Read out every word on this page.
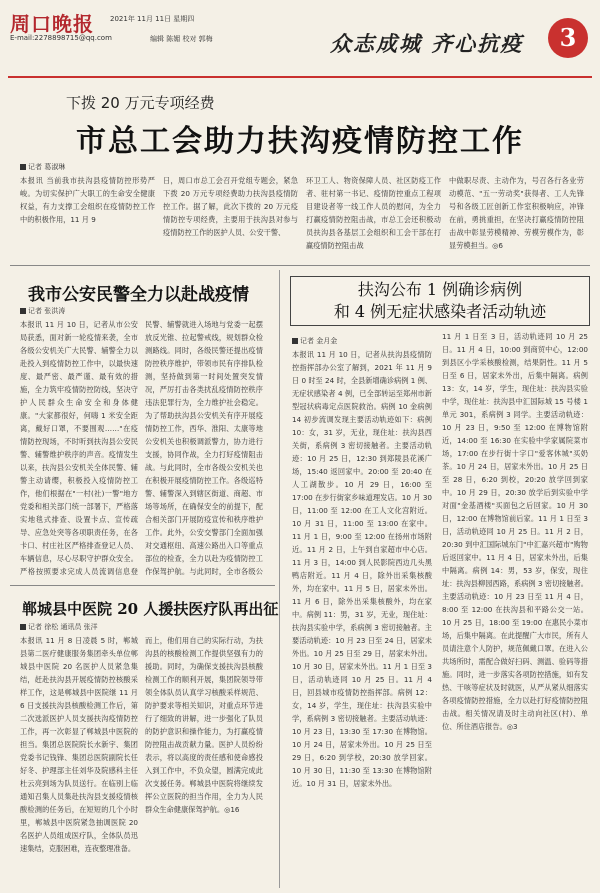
周口晚报 2021年 11月 11日 星期四
E-mail:2278898715@qq.com	编辑 陈媚 校对 郭梅	众志成城 齐心抗疫	3
下拨 20 万元专项经费
市总工会助力扶沟疫情防控工作
记者 葛淑琳
本报讯 当前我市扶沟县疫情防控形势严峻。为切实保护广大职工的生命安全健康权益，有力支撑工会组织在疫情防控工作中的积极作用，11 月 9
日，周口市总工会召开党组专题会，紧急下拨 20 万元专项经费助力扶沟县疫情防控工作。据了解，此次下拨的 20 万元疫情防控专项经费，主要用于扶沟县对参与疫情防控工作的医护人员、公安干警、
环卫工人、物资保障人员、社区防疫工作者、驻村第一书记、疫情防控重点工程项目建设者等一线工作人员的慰问，为全力打赢疫情防控阻击战，市总工会还积极动员扶沟县各基层工会组织和工会干部在打赢疫情防控阻击战
中做职尽责、主动作为，号召各行各业劳动模范、"五一劳动奖"获得者、工人先锋号和各级工匠创新工作室积极响应，冲锋在前，勇挑重担，在坚决打赢疫情防控阻击战中彰显劳模精神、劳模劳模作为，彰显劳模担当。◎6
我市公安民警全力以赴战疫情
记者 张洪涛
本报讯 11 月 10 日，记者从市公安局获悉，面对新一轮疫情来袭，全市各级公安机关广大民警、辅警全力以赴投入到疫情防控工作中，以最快速度、最严密、最严谨、最有效的措施，全力筑牢疫情防控防线，坚决守护人民群众生命安全和身体健康。"大家都很好，何嗨 1 米安全距离，戴好口罩，不要围观……"在疫情防控现场，不时听到扶沟县公安民警、辅警维护秩序的声音。疫情发生以来，扶沟县公安机关全体民警、辅警主动请缨，积极投入疫情防控工作，他们根据在"一村(社)一警"地方党委和相关部门统一部署下，严格落实地毯式排查、设置卡点、宣传疏导、应急处突等各项职责任务，在各卡口、村庄社区严格排查登记人员、车辆信息，尽心尽职守护群众安全。严格按照要求完成人员流调信息登
民警、辅警就进入场地与党委一起摆放反光锥、拉起警戒线，规划群众检测路线。同时，各级民警还提出疫情防控秩序维护，带领市民有序排队检测，坚持做到第一时间处置突发情况，严厉打击各类扰乱疫情防控秩序违法犯罪行为，全力维护社会稳定。为了帮助扶沟县公安机关有序开展疫情防控工作，西华、淮阳、太康等地公安机关也积极调派警力，协力进行支援，协同作战，全力打好疫情阻击战。与此同时，全市各级公安机关也在积极开展疫情防控工作。各级巡特警、辅警深入到辖区街道、商超、市场等场所，在确保安全的前提下，配合相关部门开展防疫宣传和秩序维护工作。此外，公安交警部门全面加强对交通枢纽、高速公路出入口等重点部位的检查，全力以赴为疫情防控工作保驾护航。与此同时，全市各级公
郸城县中医院 20 人援扶医疗队再出征
记者 徐松 通讯员 张洋
本报讯 11 月 8 日凌晨 5 时，郸城县第二医疗健康服务集团牵头单位郸城县中医院 20 名医护人员紧急集结，赶赴扶沟县开展疫情防控核酸采样工作，这是郸城县中医院继 11 月 6 日支援扶沟县核酸检测工作后，第二次选派医护人员支援扶沟疫情防控工作，再一次彰显了郸城县中医院的担当。集团总医院院长水新宇、集团党委书记钱锋、集团总医院副院长任好冬、护理部主任刘华及院感科主任杜云亮到场为队员送行。在临别上临通知召集人员集赴扶沟县支援疫情核酸检测的任务后，在短短的几个小时里，郸城县中医院紧急抽调医院 20 名医护人员组成医疗队，全体队员迅速集结，克服困难，连夜整理准备。
而上，他们用自己的实际行动，为扶沟县的核酸检测工作提供坚强有力的援助。同时，为确保支援扶沟县核酸检测工作的顺利开展，集团院领导带领全体队员认真学习核酸采样规范、防护要求等相关知识，对重点环节进行了细致的讲解，进一步强化了队员的防护意识和操作能力，为打赢疫情防控阻击战贡献力量。医护人员纷纷表示，将以高度的责任感和使命感投入到工作中，不负众望，圆满完成此次支援任务。郸城县中医院将继续发挥公立医院的担当作用，全力为人民群众生命健康保驾护航。◎16
扶沟公布 1 例确诊病例
和 4 例无症状感染者活动轨迹
记者 金月金
本报讯 11 月 10 日，记者从扶沟县疫情防控指挥部办公室了解到，2021 年 11 月 9 日 0 时至 24 时，全县新增确诊病例 1 例、无症状感染者 4 例，已全部转运至郑州市新型冠状病毒定点医院救治。病例 10 金病例 14 初步流调发现主要活动轨迹如下：病例 10：女，31 岁，无业，现住址：扶沟县西关街，系病例 3 密切接触者。主要活动轨迹：10 月 25 日，12:30 到郑陵县花溪广场，15:40 返回家中。20:00 至 20:40 在人工湖散步。10 月 29 日，16:00 至 17:00 在步行街家乡味道理发店。10 月 30 日，11:00 至 12:00 在工人文化宫附近。10 月 31 日，11:00 至 13:00 在家中。11 月 1 日，9:00 至 12:00 在扬州市场附近。11 月 2 日，上午到自家超市中心店。11 月 3 日，14:00 到人民影院西边几头黑鸭店附近。11 月 4 日，除外出采集核酸外，均在家中。11 月 5 日，居家未外出。11 月 6 日，除外出采集核酸外，均在家中。病例 11：男，31 岁，无业，现住址：扶沟县实验中学，系病例 3 密切接触者。主要活动轨迹：10 月 23 日至 24 日，居家未外出。10 月 25 日至 29 日，居家未外出。10 月 30 日，居家未外出。11 月 1 日至 3 日，活动轨迹同 10 月 25 日。11 月 4 日，回县城市疫情防控指挥部。病例 12：女，14 岁，学生，现住址：扶沟县实验中学，系病例 3 密切接触者。主要活动轨迹：10 月 23 日，13:30 至 17:30 在博物馆。10 月 24 日，居家未外出。10 月 25 日至 29 日，6:20 到学校，20:30 放学回家。10 月 30 日，11:30 至 13:30 在博物馆附近。10 月 31 日，居家未外出。
11 月 1 日至 3 日，活动轨迹同 10 月 25 日。11 月 4 日，10:00 到商贸中心，12:00 到县区小学采核酸检测，结果阴性。11 月 5 日至 6 日，居家未外出，后集中隔离。病例 13：女，14 岁，学生，现住址：扶沟县实验中学，现住址：扶沟县中汇国际城 15 号楼 1 单元 301，系病例 3 同学。主要活动轨迹：10 月 23 日，9:50 至 12:00 在博物馆附近，14:00 至 16:30 在实验中学家属院菜市场，17:00 在步行街十字口"爱客休城"买奶茶。10 月 24 日，居家未外出。10 月 25 日至 28 日，6:20 到校，20:20 放学回到家中。10 月 29 日，20:30 放学后到实验中学对面"金基酒楼"买面包之后回家。10 月 30 日，12:00 在博物馆前后家。11 月 1 日至 3 日，活动轨迹同 10 月 25 日。11 月 2 日，20:30 到中汇国际城东门"中汇嘉兴超市"购物后返回家中。11 月 4 日，居家未外出，后集中隔离。病例 14：男，53 岁，保安，现住址：扶沟县柳园西路，系病例 3 密切接触者。主要活动轨迹：10 月 23 日至 11 月 4 日，8:00 至 12:00 在扶沟县和平路公交一站。10 月 25 日，18:00 至 19:00 在惠民小菜市场，后集中隔离。在此提醒广大市民，所有人员请注意个人防护，规范佩戴口罩。在进入公共场所时，需配合做好扫码、测温、验码等措施。同时，进一步落实各项防控措施，如有发热、干咳等症状及时就医，从严从紧从细落实各项疫情防控措施，全力以赴打好疫情防控阻击战。相关情况请及时主动向社区(村)、单位、所住酒店报告。◎3
